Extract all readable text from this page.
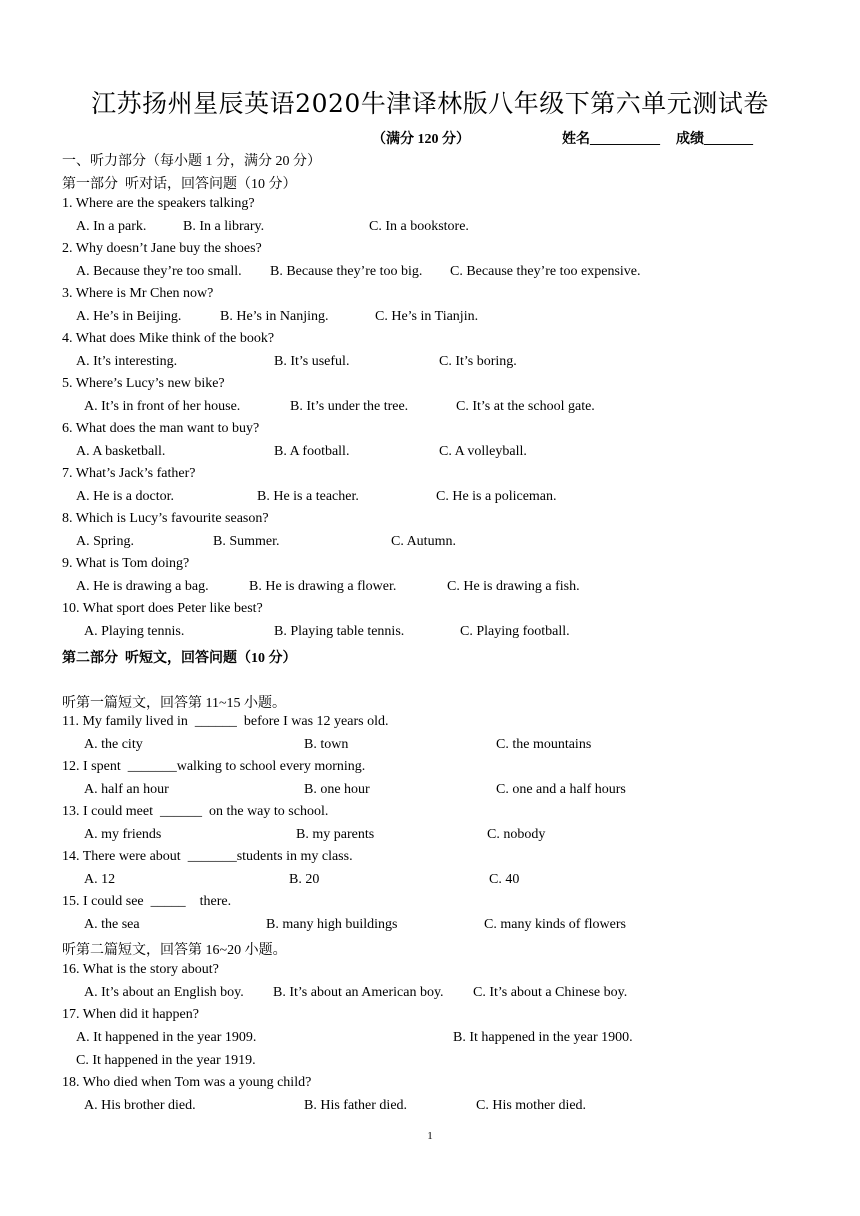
江苏扬州星辰英语2020牛津译林版八年级下第六单元测试卷
（满分 120 分）	姓名__________ 成绩_______
一、听力部分（每小题 1 分，满分 20 分）
第一部分  听对话，回答问题（10 分）
1. Where are the speakers talking?
A. In a park.	B. In a library.	C. In a bookstore.
2. Why doesn’t Jane buy the shoes?
A. Because they’re too small. B. Because they’re too big. C. Because they’re too expensive.
3. Where is Mr Chen now?
A. He’s in Beijing.	B. He’s in Nanjing.	C. He’s in Tianjin.
4. What does Mike think of the book?
A. It’s interesting.	B. It’s useful.	C. It’s boring.
5. Where’s Lucy’s new bike?
A. It’s in front of her house.	B. It’s under the tree.	C. It’s at the school gate.
6. What does the man want to buy?
A. A basketball.	B. A football.	C. A volleyball.
7. What’s Jack’s father?
A. He is a doctor.	B. He is a teacher.	C. He is a policeman.
8. Which is Lucy’s favourite season?
A. Spring.	B. Summer.	C. Autumn.
9. What is Tom doing?
A. He is drawing a bag.	B. He is drawing a flower.	C. He is drawing a fish.
10. What sport does Peter like best?
A. Playing tennis.	B. Playing table tennis.	C. Playing football.
第二部分  听短文，回答问题（10 分）
听第一篇短文，回答第 11~15 小题。
11. My family lived in  ______  before I was 12 years old.
A. the city	B. town	C. the mountains
12. I spent  _______walking to school every morning.
A. half an hour	B. one hour	C. one and a half hours
13. I could meet  ______  on the way to school.
A. my friends	B. my parents	C. nobody
14. There were about  _______students in my class.
A. 12	B. 20	C. 40
15. I could see  _____    there.
A. the sea	B. many high buildings	C. many kinds of flowers
听第二篇短文，回答第 16~20 小题。
16. What is the story about?
A. It’s about an English boy. B. It’s about an American boy. C. It’s about a Chinese boy.
17. When did it happen?
A. It happened in the year 1909.	B. It happened in the year 1900.
C. It happened in the year 1919.
18. Who died when Tom was a young child?
A. His brother died.	B. His father died.	C. His mother died.
1
